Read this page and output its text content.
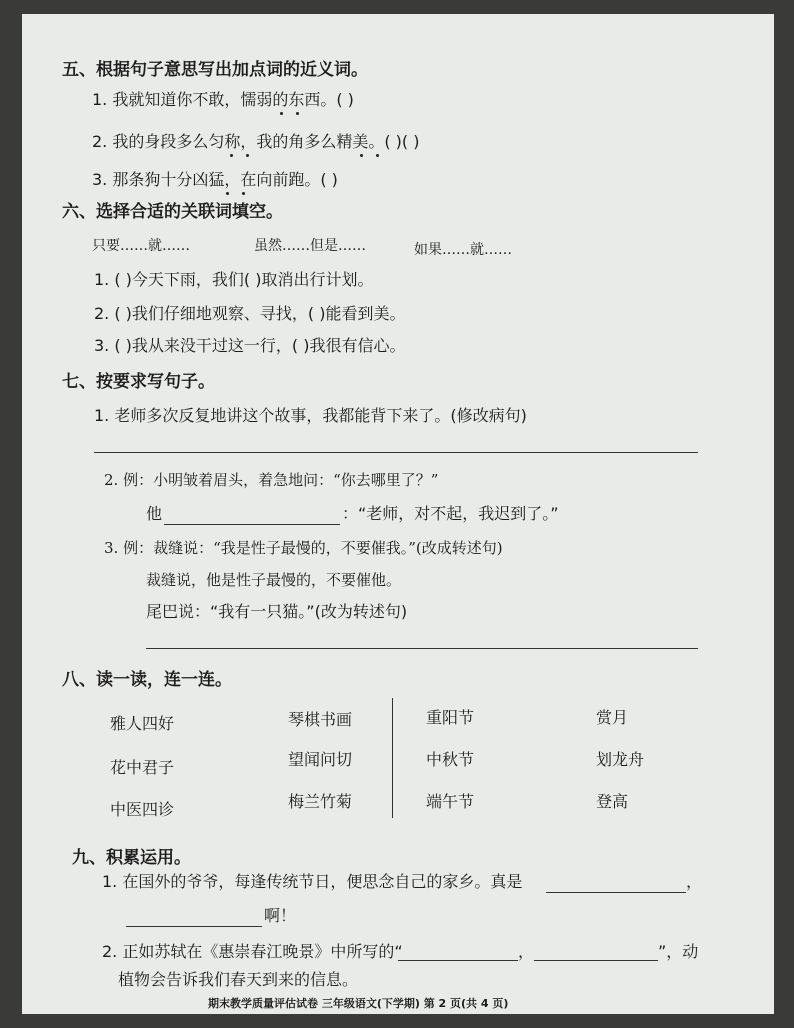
五、根据句子意思写出加点词的近义词。
1. 我就知道你不敢，懦弱的东西。( )
2. 我的身段多么匀称，我的角多么精美。( )( )
3. 那条狗十分凶猛，在向前跑。( )
六、选择合适的关联词填空。
只要……就……	虽然……但是……	如果……就……
1. ( )今天下雨，我们( )取消出行计划。
2. ( )我们仔细地观察、寻找，( )能看到美。
3. ( )我从来没干过这一行，( )我很有信心。
七、按要求写句子。
1. 老师多次反复地讲这个故事，我都能背下来了。(修改病句)
2. 例：小明皱着眉头，着急地问：“你去哪里了？”
他	：“老师，对不起，我迟到了。”
3. 例：裁缝说：“我是性子最慢的，不要催我。”(改成转述句)
裁缝说，他是性子最慢的，不要催他。
尾巴说：“我有一只猫。”(改为转述句)
八、读一读，连一连。
雅人四好
花中君子
中医四诊
琴棋书画
望闻问切
梅兰竹菊
重阳节
中秋节
端午节
赏月
划龙舟
登高
九、积累运用。
1. 在国外的爷爷，每逢传统节日，便思念自己的家乡。真是	，
啊！
2. 正如苏轼在《惠崇春江晚景》中所写的“	，	”，动
植物会告诉我们春天到来的信息。
期末教学质量评估试卷 三年级语文(下学期) 第 2 页(共 4 页)
